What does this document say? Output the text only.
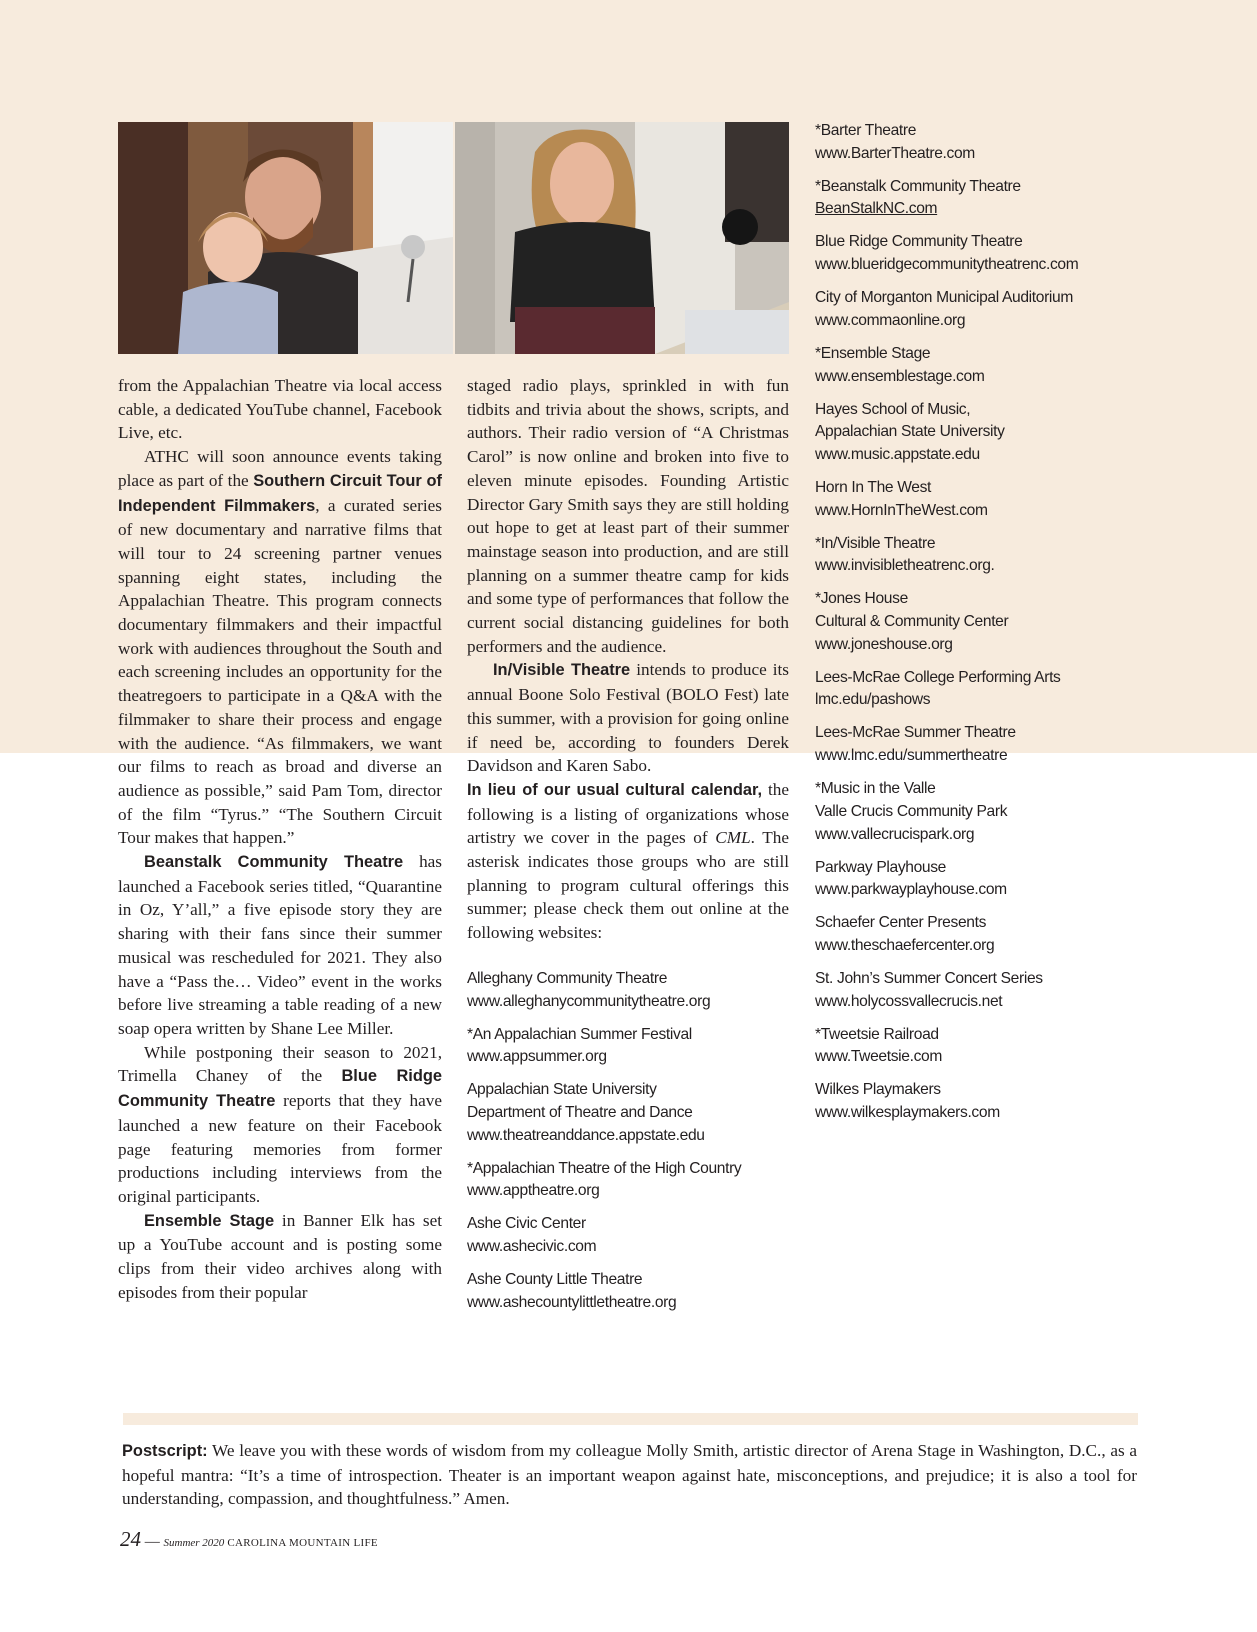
from the Appalachian Theatre via local access cable, a dedicated YouTube channel, Facebook Live, etc.

ATHC will soon announce events taking place as part of the Southern Circuit Tour of Independent Filmmakers, a curated series of new documentary and narrative films that will tour to 24 screening partner venues spanning eight states, including the Appalachian Theatre. This program connects documentary filmmakers and their impactful work with audiences throughout the South and each screening includes an opportunity for the theatregoers to participate in a Q&A with the filmmaker to share their process and engage with the audience. “As filmmakers, we want our films to reach as broad and diverse an audience as possible,” said Pam Tom, director of the film “Tyrus.” “The Southern Circuit Tour makes that happen.”

Beanstalk Community Theatre has launched a Facebook series titled, “Quarantine in Oz, Y’all,” a five episode story they are sharing with their fans since their summer musical was rescheduled for 2021. They also have a “Pass the… Video” event in the works before live streaming a table reading of a new soap opera written by Shane Lee Miller.

While postponing their season to 2021, Trimella Chaney of the Blue Ridge Community Theatre reports that they have launched a new feature on their Facebook page featuring memories from former productions including interviews from the original participants.

Ensemble Stage in Banner Elk has set up a YouTube account and is posting some clips from their video archives along with episodes from their popular

staged radio plays, sprinkled in with fun tidbits and trivia about the shows, scripts, and authors. Their radio version of “A Christmas Carol” is now online and broken into five to eleven minute episodes. Founding Artistic Director Gary Smith says they are still holding out hope to get at least part of their summer mainstage season into production, and are still planning on a summer theatre camp for kids and some type of performances that follow the current social distancing guidelines for both performers and the audience.

In/Visible Theatre intends to produce its annual Boone Solo Festival (BOLO Fest) late this summer, with a provision for going online if need be, according to founders Derek Davidson and Karen Sabo.

In lieu of our usual cultural calendar, the following is a listing of organizations whose artistry we cover in the pages of CML. The asterisk indicates those groups who are still planning to program cultural offerings this summer; please check them out online at the following websites:

Alleghany Community Theatre
www.alleghanycommunitytheatre.org
*An Appalachian Summer Festival
www.appsummer.org
Appalachian State University
Department of Theatre and Dance
www.theatreanddance.appstate.edu
*Appalachian Theatre of the High Country
www.apptheatre.org
Ashe Civic Center
www.ashecivic.com
Ashe County Little Theatre
www.ashecountylittletheatre.org
*Barter Theatre
www.BarterTheatre.com
*Beanstalk Community Theatre
BeanStalkNC.com
Blue Ridge Community Theatre
www.blueridgecommunitytheatrenc.com
City of Morganton Municipal Auditorium
www.commaonline.org
*Ensemble Stage
www.ensemblestage.com
Hayes School of Music,
Appalachian State University
www.music.appstate.edu
Horn In The West
www.HornInTheWest.com
*In/Visible Theatre
www.invisibletheatrenc.org.
*Jones House
Cultural & Community Center
www.joneshouse.org
Lees-McRae College Performing Arts
lmc.edu/pashows
Lees-McRae Summer Theatre
www.lmc.edu/summertheatre
*Music in the Valle
Valle Crucis Community Park
www.vallecrucispark.org
Parkway Playhouse
www.parkwayplayhouse.com
Schaefer Center Presents
www.theschaefercenter.org
St. John’s Summer Concert Series
www.holycossvallecrucis.net
*Tweetsie Railroad
www.Tweetsie.com
Wilkes Playmakers
www.wilkesplaymakers.com
Postscript: We leave you with these words of wisdom from my colleague Molly Smith, artistic director of Arena Stage in Washington, D.C., as a hopeful mantra: “It’s a time of introspection. Theater is an important weapon against hate, misconceptions, and prejudice; it is also a tool for understanding, compassion, and thoughtfulness.” Amen.
24 — Summer 2020 CAROLINA MOUNTAIN LIFE
